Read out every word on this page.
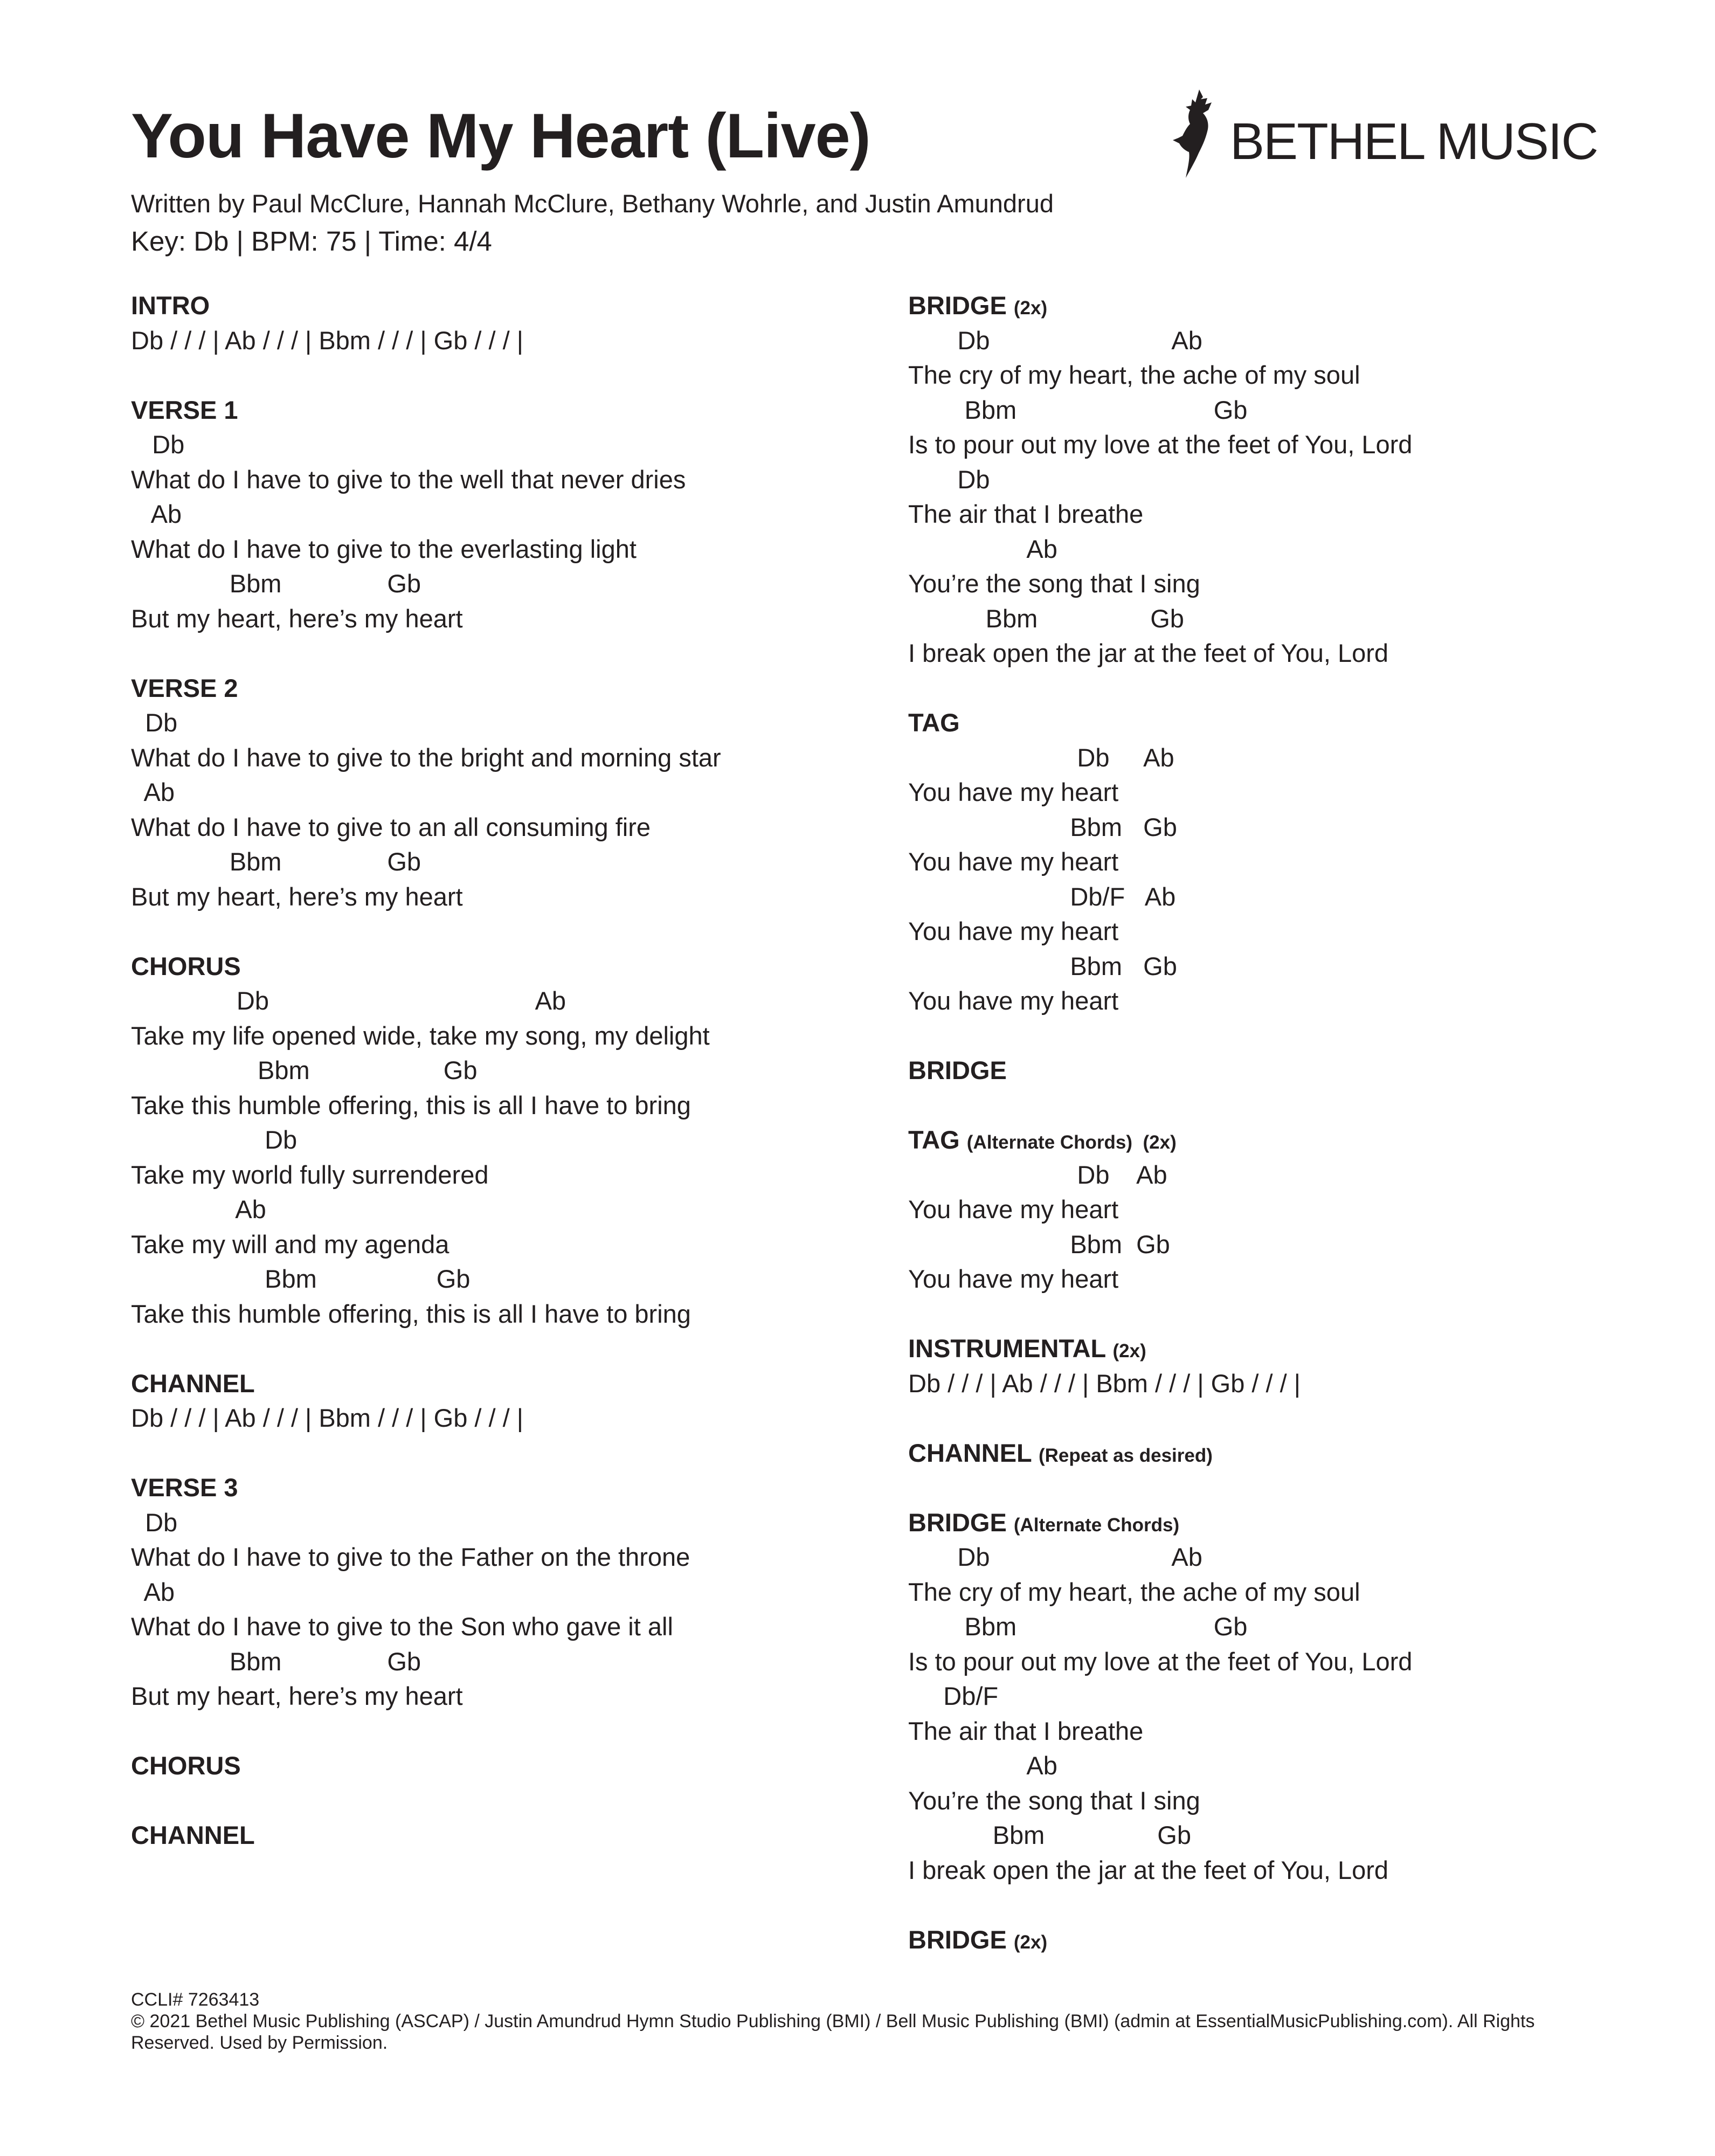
You Have My Heart (Live)
Written by Paul McClure, Hannah McClure, Bethany Wohrle, and Justin Amundrud
Key: Db | BPM: 75 | Time: 4/4
BETHEL MUSIC
INTRO
Db / / / | Ab / / / | Bbm / / / | Gb / / / |
VERSE 1
Db
What do I have to give to the well that never dries
Ab
What do I have to give to the everlasting light
Bbm               Gb
But my heart, here’s my heart
VERSE 2
Db
What do I have to give to the bright and morning star
Ab
What do I have to give to an all consuming fire
Bbm               Gb
But my heart, here’s my heart
CHORUS
Db                                      Ab
Take my life opened wide, take my song, my delight
Bbm                   Gb
Take this humble offering, this is all I have to bring
Db
Take my world fully surrendered
Ab
Take my will and my agenda
Bbm                 Gb
Take this humble offering, this is all I have to bring
CHANNEL
Db / / / | Ab / / / | Bbm / / / | Gb / / / |
VERSE 3
Db
What do I have to give to the Father on the throne
Ab
What do I have to give to the Son who gave it all
Bbm               Gb
But my heart, here’s my heart
CHORUS
CHANNEL
BRIDGE (2x)
Db                          Ab
The cry of my heart, the ache of my soul
Bbm                            Gb
Is to pour out my love at the feet of You, Lord
Db
The air that I breathe
Ab
You’re the song that I sing
Bbm                Gb
I break open the jar at the feet of You, Lord
TAG
Db     Ab
You have my heart
Bbm   Gb
You have my heart
Db/F   Ab
You have my heart
Bbm   Gb
You have my heart
BRIDGE
TAG (Alternate Chords)  (2x)
Db    Ab
You have my heart
Bbm  Gb
You have my heart
INSTRUMENTAL (2x)
Db / / / | Ab / / / | Bbm / / / | Gb / / / |
CHANNEL (Repeat as desired)
BRIDGE (Alternate Chords)
Db                          Ab
The cry of my heart, the ache of my soul
Bbm                            Gb
Is to pour out my love at the feet of You, Lord
Db/F
The air that I breathe
Ab
You’re the song that I sing
Bbm                Gb
I break open the jar at the feet of You, Lord
BRIDGE (2x)
CCLI# 7263413
© 2021 Bethel Music Publishing (ASCAP) / Justin Amundrud Hymn Studio Publishing (BMI) / Bell Music Publishing (BMI) (admin at EssentialMusicPublishing.com). All Rights Reserved. Used by Permission.
